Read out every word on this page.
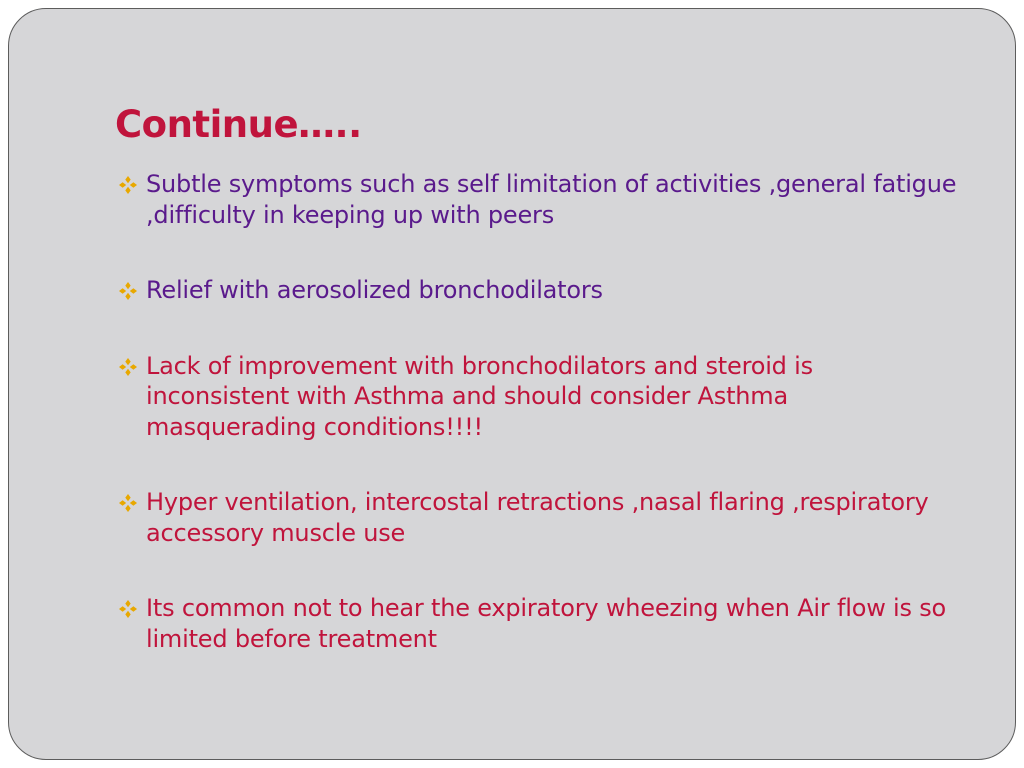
Continue…..
Subtle symptoms such as self limitation of activities ,general fatigue ,difficulty in keeping up with peers
Relief with aerosolized bronchodilators
Lack of improvement with bronchodilators and steroid is inconsistent with Asthma and should consider Asthma masquerading conditions!!!!
Hyper ventilation, intercostal retractions ,nasal flaring ,respiratory accessory muscle use
Its common not to hear the expiratory wheezing when Air flow is so limited before treatment
